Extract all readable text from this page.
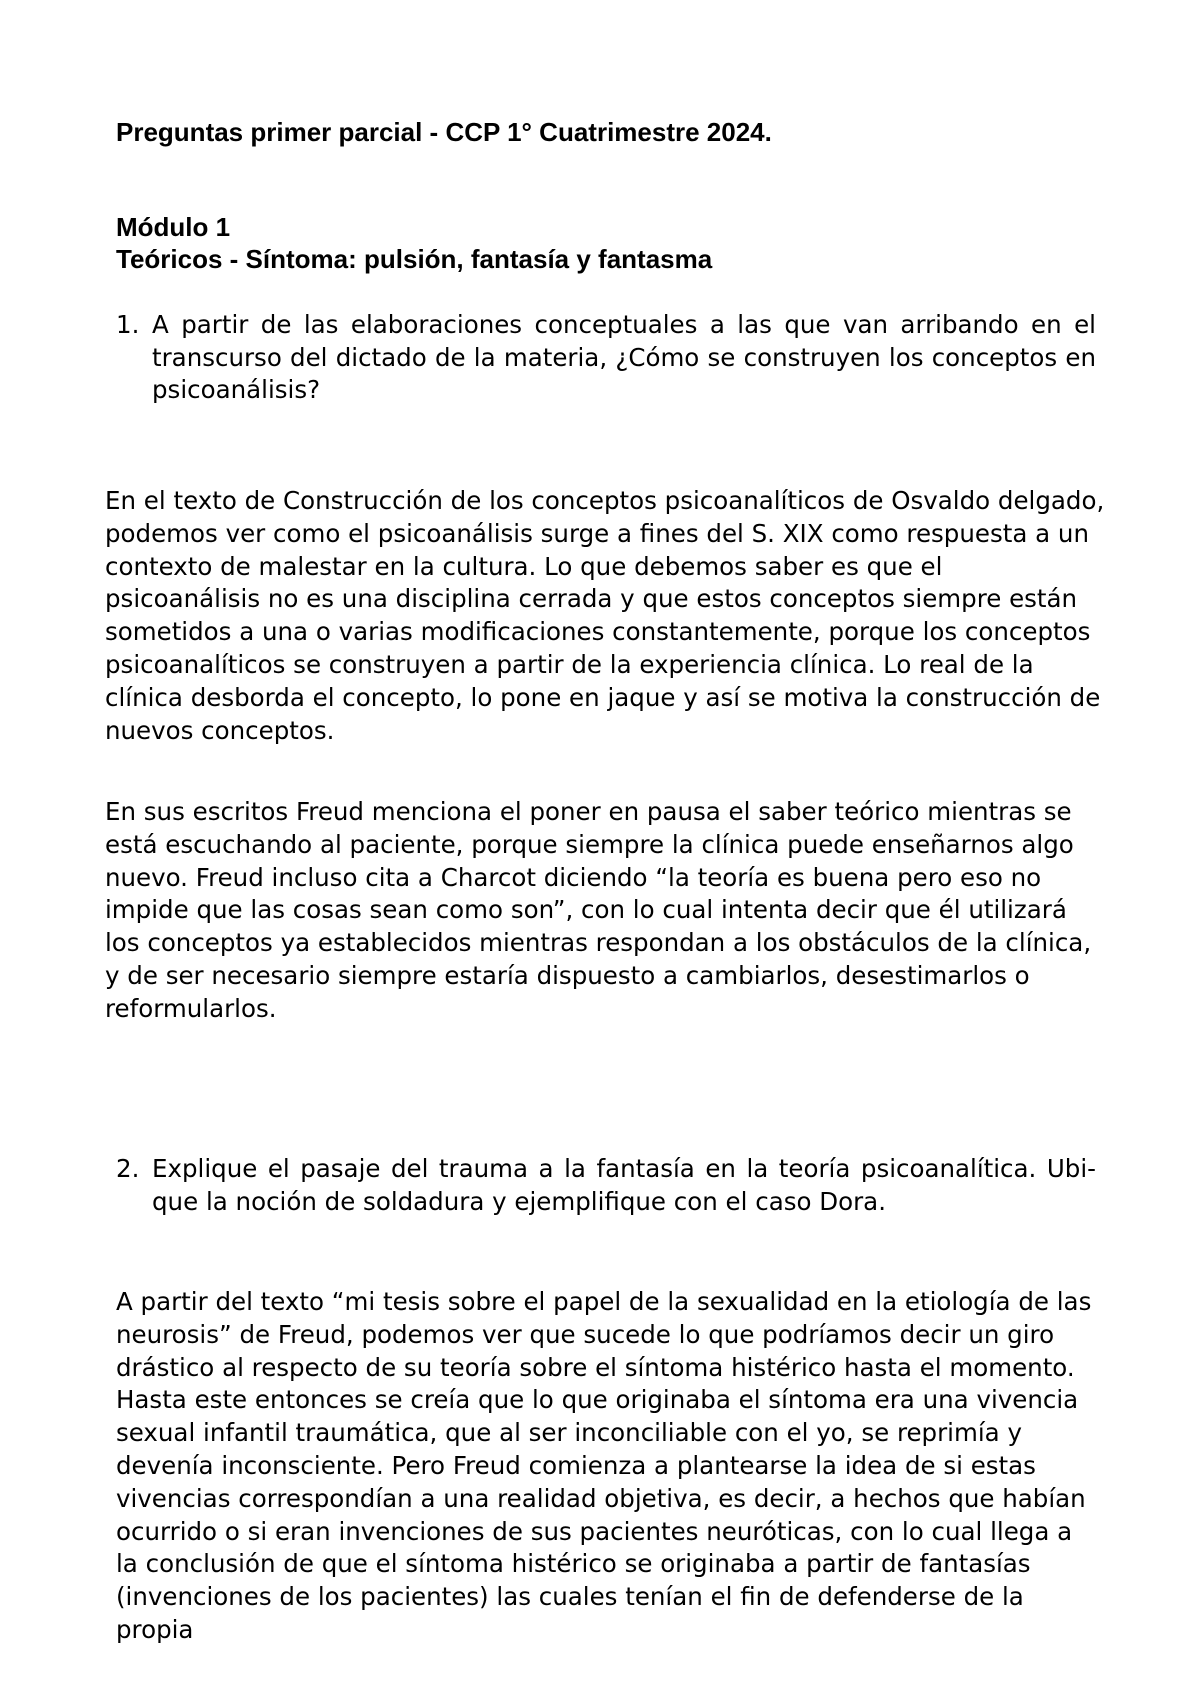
Preguntas primer parcial - CCP 1° Cuatrimestre 2024.

Módulo 1

Teóricos - Síntoma: pulsión, fantasía y fantasma

1. A partir de las elaboraciones conceptuales a las que van arribando en el transcurso del dictado de la materia, ¿Cómo se construyen los conceptos en psicoanálisis?

En el texto de Construcción de los conceptos psicoanalíticos de Osvaldo delgado, podemos ver como el psicoanálisis surge a fines del S. XIX como respuesta a un contexto de malestar en la cultura. Lo que debemos saber es que el psicoanálisis no es una disciplina cerrada y que estos conceptos siempre están sometidos a una o varias modificaciones constantemente, porque los conceptos psicoanalíticos se construyen a partir de la experiencia clínica. Lo real de la clínica desborda el concepto, lo pone en jaque y así se motiva la construcción de nuevos conceptos.

En sus escritos Freud menciona el poner en pausa el saber teórico mientras se está escuchando al paciente, porque siempre la clínica puede enseñarnos algo nuevo. Freud incluso cita a Charcot diciendo “la teoría es buena pero eso no impide que las cosas sean como son”, con lo cual intenta decir que él utilizará los conceptos ya establecidos mientras respondan a los obstáculos de la clínica, y de ser necesario siempre estaría dispuesto a cambiarlos, desestimarlos o reformularlos.

2. Explique el pasaje del trauma a la fantasía en la teoría psicoanalítica. Ubi- que la noción de soldadura y ejemplifique con el caso Dora.

A partir del texto “mi tesis sobre el papel de la sexualidad en la etiología de las neurosis” de Freud, podemos ver que sucede lo que podríamos decir un giro drástico al respecto de su teoría sobre el síntoma histérico hasta el momento. Hasta este entonces se creía que lo que originaba el síntoma era una vivencia sexual infantil traumática, que al ser inconciliable con el yo, se reprimía y devenía inconsciente. Pero Freud comienza a plantearse la idea de si estas vivencias correspondían a una realidad objetiva, es decir, a hechos que habían ocurrido o si eran invenciones de sus pacientes neuróticas, con lo cual llega a la conclusión de que el síntoma histérico se originaba a partir de fantasías (invenciones de los pacientes) las cuales tenían el fin de defenderse de la propia
